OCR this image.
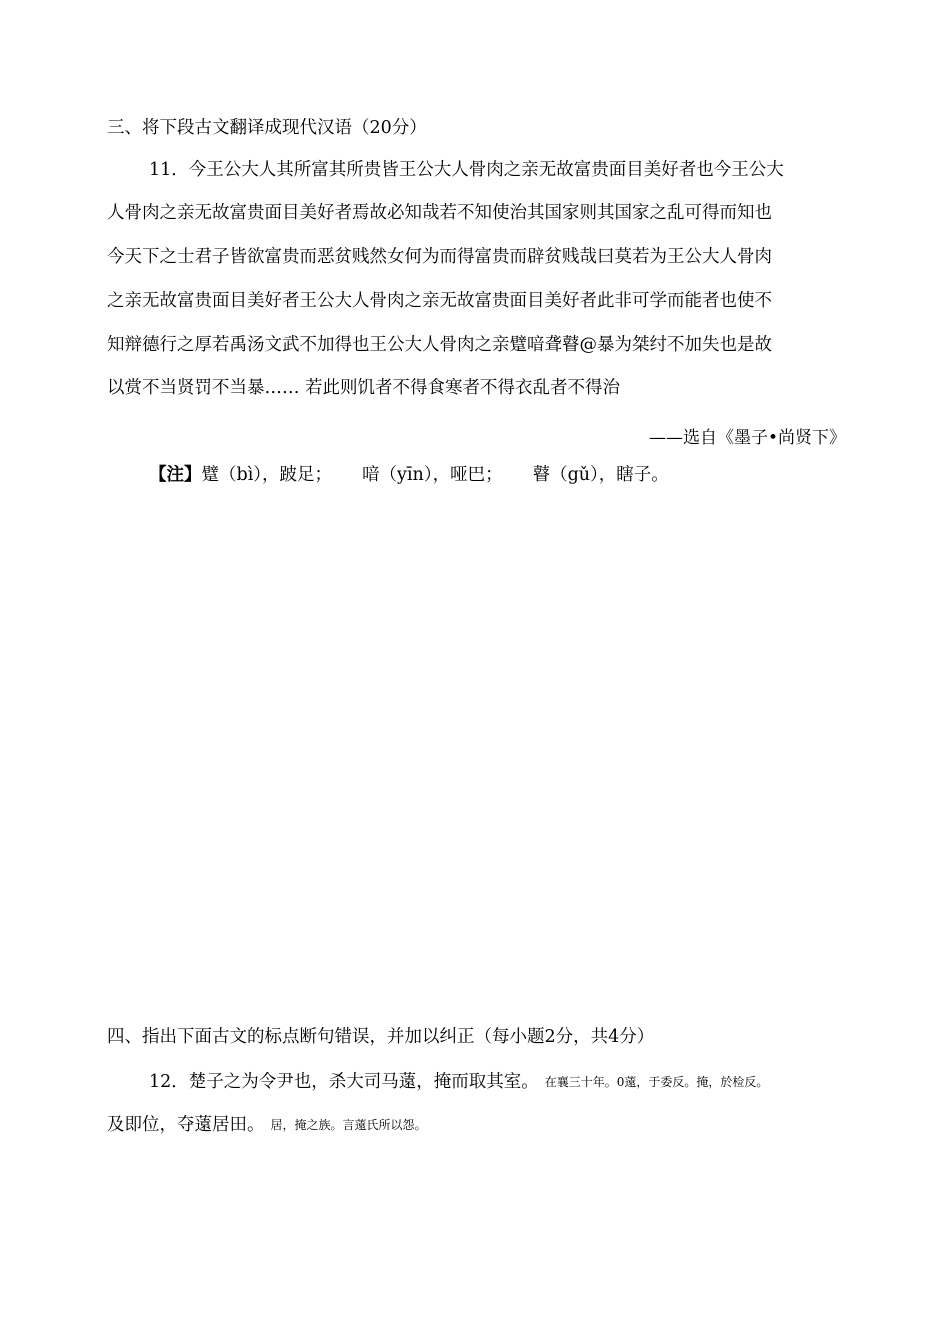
三、将下段古文翻译成现代汉语（20分）
11．今王公大人其所富其所贵皆王公大人骨肉之亲无故富贵面目美好者也今王公大
人骨肉之亲无故富贵面目美好者焉故必知哉若不知使治其国家则其国家之乱可得而知也
今天下之士君子皆欲富贵而恶贫贱然女何为而得富贵而辟贫贱哉曰莫若为王公大人骨肉
之亲无故富贵面目美好者王公大人骨肉之亲无故富贵面目美好者此非可学而能者也使不
知辩德行之厚若禹汤文武不加得也王公大人骨肉之亲躄喑聋瞽@暴为桀纣不加失也是故
以赏不当贤罚不当暴…… 若此则饥者不得食寒者不得衣乱者不得治
——选自《墨子•尚贤下》
【注】躄（bì），跛足； 喑（yīn），哑巴； 瞽（gǔ），瞎子。
四、指出下面古文的标点断句错误，并加以纠正（每小题2分，共4分）
12．楚子之为令尹也，杀大司马薳，掩而取其室。 在襄三十年。0薳，于委反。掩，於检反。
及即位，夺薳居田。 居，掩之族。言薳氏所以怨。
